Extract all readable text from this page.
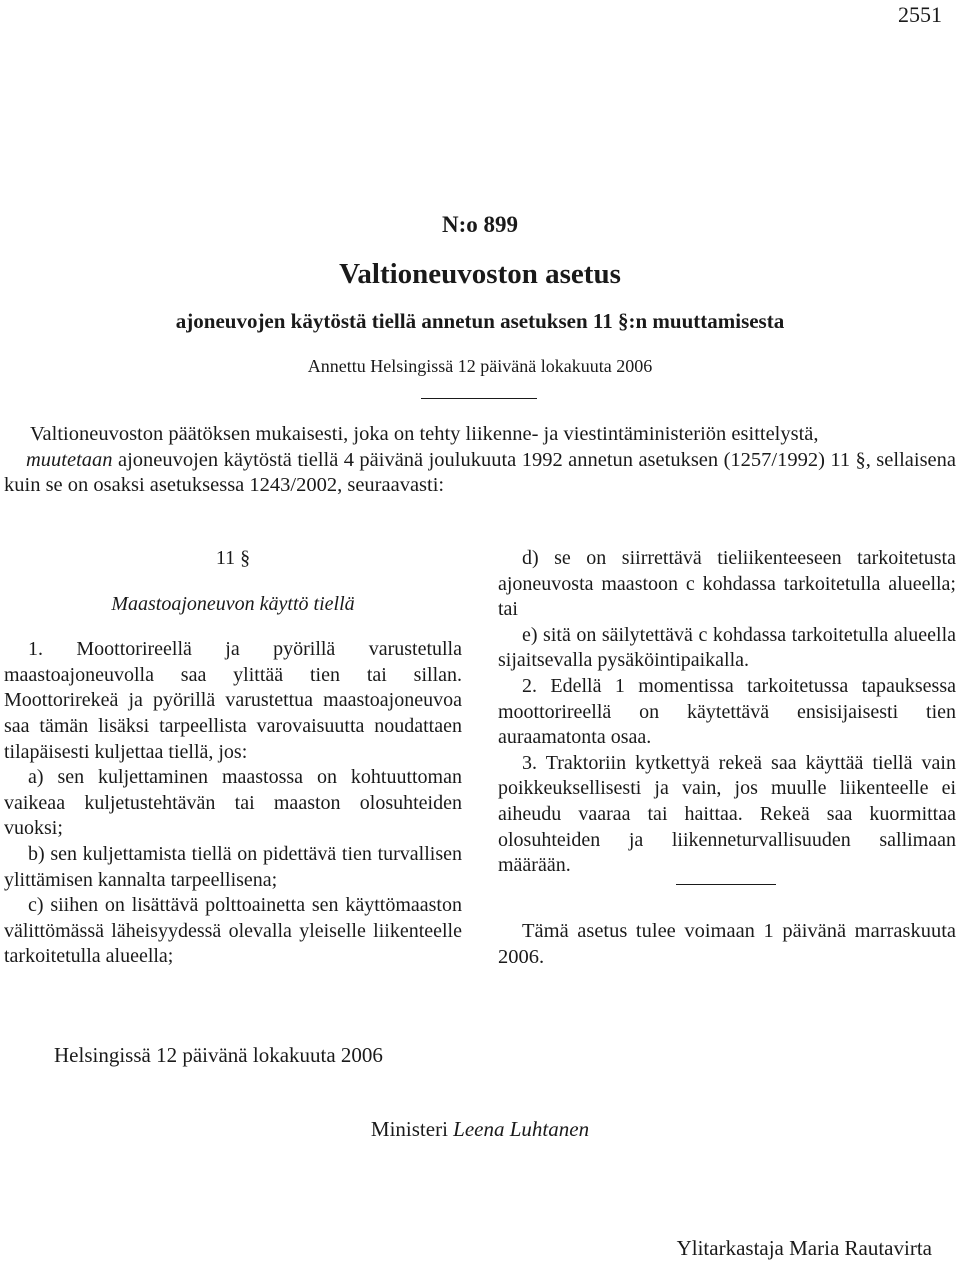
2551
N:o 899
Valtioneuvoston asetus
ajoneuvojen käytöstä tiellä annetun asetuksen 11 §:n muuttamisesta
Annettu Helsingissä 12 päivänä lokakuuta 2006

Valtioneuvoston päätöksen mukaisesti, joka on tehty liikenne- ja viestintäministeriön esittelystä,

muutetaan ajoneuvojen käytöstä tiellä 4 päivänä joulukuuta 1992 annetun asetuksen (1257/1992) 11 §, sellaisena kuin se on osaksi asetuksessa 1243/2002, seuraavasti:

11 §

Maastoajoneuvon käyttö tiellä

1. Moottorireellä ja pyörillä varustetulla maastoajoneuvolla saa ylittää tien tai sillan. Moottorirekeä ja pyörillä varustettua maastoajoneuvoa saa tämän lisäksi tarpeellista varovaisuutta noudattaen tilapäisesti kuljettaa tiellä, jos:

a) sen kuljettaminen maastossa on kohtuuttoman vaikeaa kuljetustehtävän tai maaston olosuhteiden vuoksi;

b) sen kuljettamista tiellä on pidettävä tien turvallisen ylittämisen kannalta tarpeellisena;

c) siihen on lisättävä polttoainetta sen käyttömaaston välittömässä läheisyydessä olevalla yleiselle liikenteelle tarkoitetulla alueella;

d) se on siirrettävä tieliikenteeseen tarkoitetusta ajoneuvosta maastoon c kohdassa tarkoitetulla alueella; tai

e) sitä on säilytettävä c kohdassa tarkoitetulla alueella sijaitsevalla pysäköintipaikalla.

2. Edellä 1 momentissa tarkoitetussa tapauksessa moottorireellä on käytettävä ensisijaisesti tien auraamatonta osaa.

3. Traktoriin kytkettyä rekeä saa käyttää tiellä vain poikkeuksellisesti ja vain, jos muulle liikenteelle ei aiheudu vaaraa tai haittaa. Rekeä saa kuormittaa olosuhteiden ja liikenneturvallisuuden sallimaan määrään.

Tämä asetus tulee voimaan 1 päivänä marraskuuta 2006.

Helsingissä 12 päivänä lokakuuta 2006
Ministeri Leena Luhtanen
Ylitarkastaja Maria Rautavirta
